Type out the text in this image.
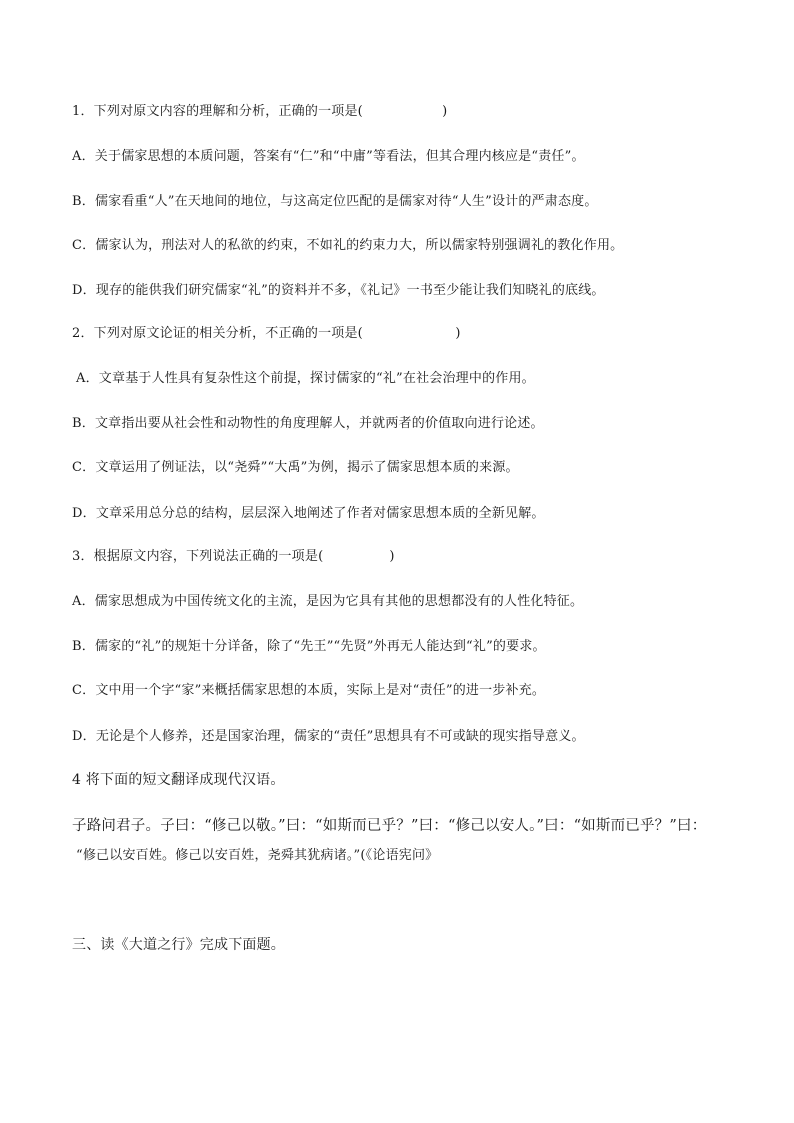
1．下列对原文内容的理解和分析，正确的一项是(　　　　　　)
A．关于儒家思想的本质问题，答案有“仁”和“中庸”等看法，但其合理内核应是“责任”。
B．儒家看重“人”在天地间的地位，与这高定位匹配的是儒家对待“人生”设计的严肃态度。
C．儒家认为，刑法对人的私欲的约束，不如礼的约束力大，所以儒家特别强调礼的教化作用。
D．现存的能供我们研究儒家“礼”的资料并不多，《礼记》一书至少能让我们知晓礼的底线。
2．下列对原文论证的相关分析，不正确的一项是(　　　　　　　)
A．文章基于人性具有复杂性这个前提，探讨儒家的“礼”在社会治理中的作用。
B．文章指出要从社会性和动物性的角度理解人，并就两者的价值取向进行论述。
C．文章运用了例证法，以“尧舜”“大禹”为例，揭示了儒家思想本质的来源。
D．文章采用总分总的结构，层层深入地阐述了作者对儒家思想本质的全新见解。
3．根据原文内容，下列说法正确的一项是(　　　　　)
A．儒家思想成为中国传统文化的主流，是因为它具有其他的思想都没有的人性化特征。
B．儒家的“礼”的规矩十分详备，除了“先王”“先贤”外再无人能达到“礼”的要求。
C．文中用一个字“家”来概括儒家思想的本质，实际上是对“责任”的进一步补充。
D．无论是个人修养，还是国家治理，儒家的“责任”思想具有不可或缺的现实指导意义。
4 将下面的短文翻译成现代汉语。
子路问君子。子曰：“修己以敬。”曰：“如斯而已乎？”曰：“修己以安人。”曰：“如斯而已乎？”曰：
“修己以安百姓。修己以安百姓，尧舜其犹病诸。”(《论语宪问》
三、读《大道之行》完成下面题。
